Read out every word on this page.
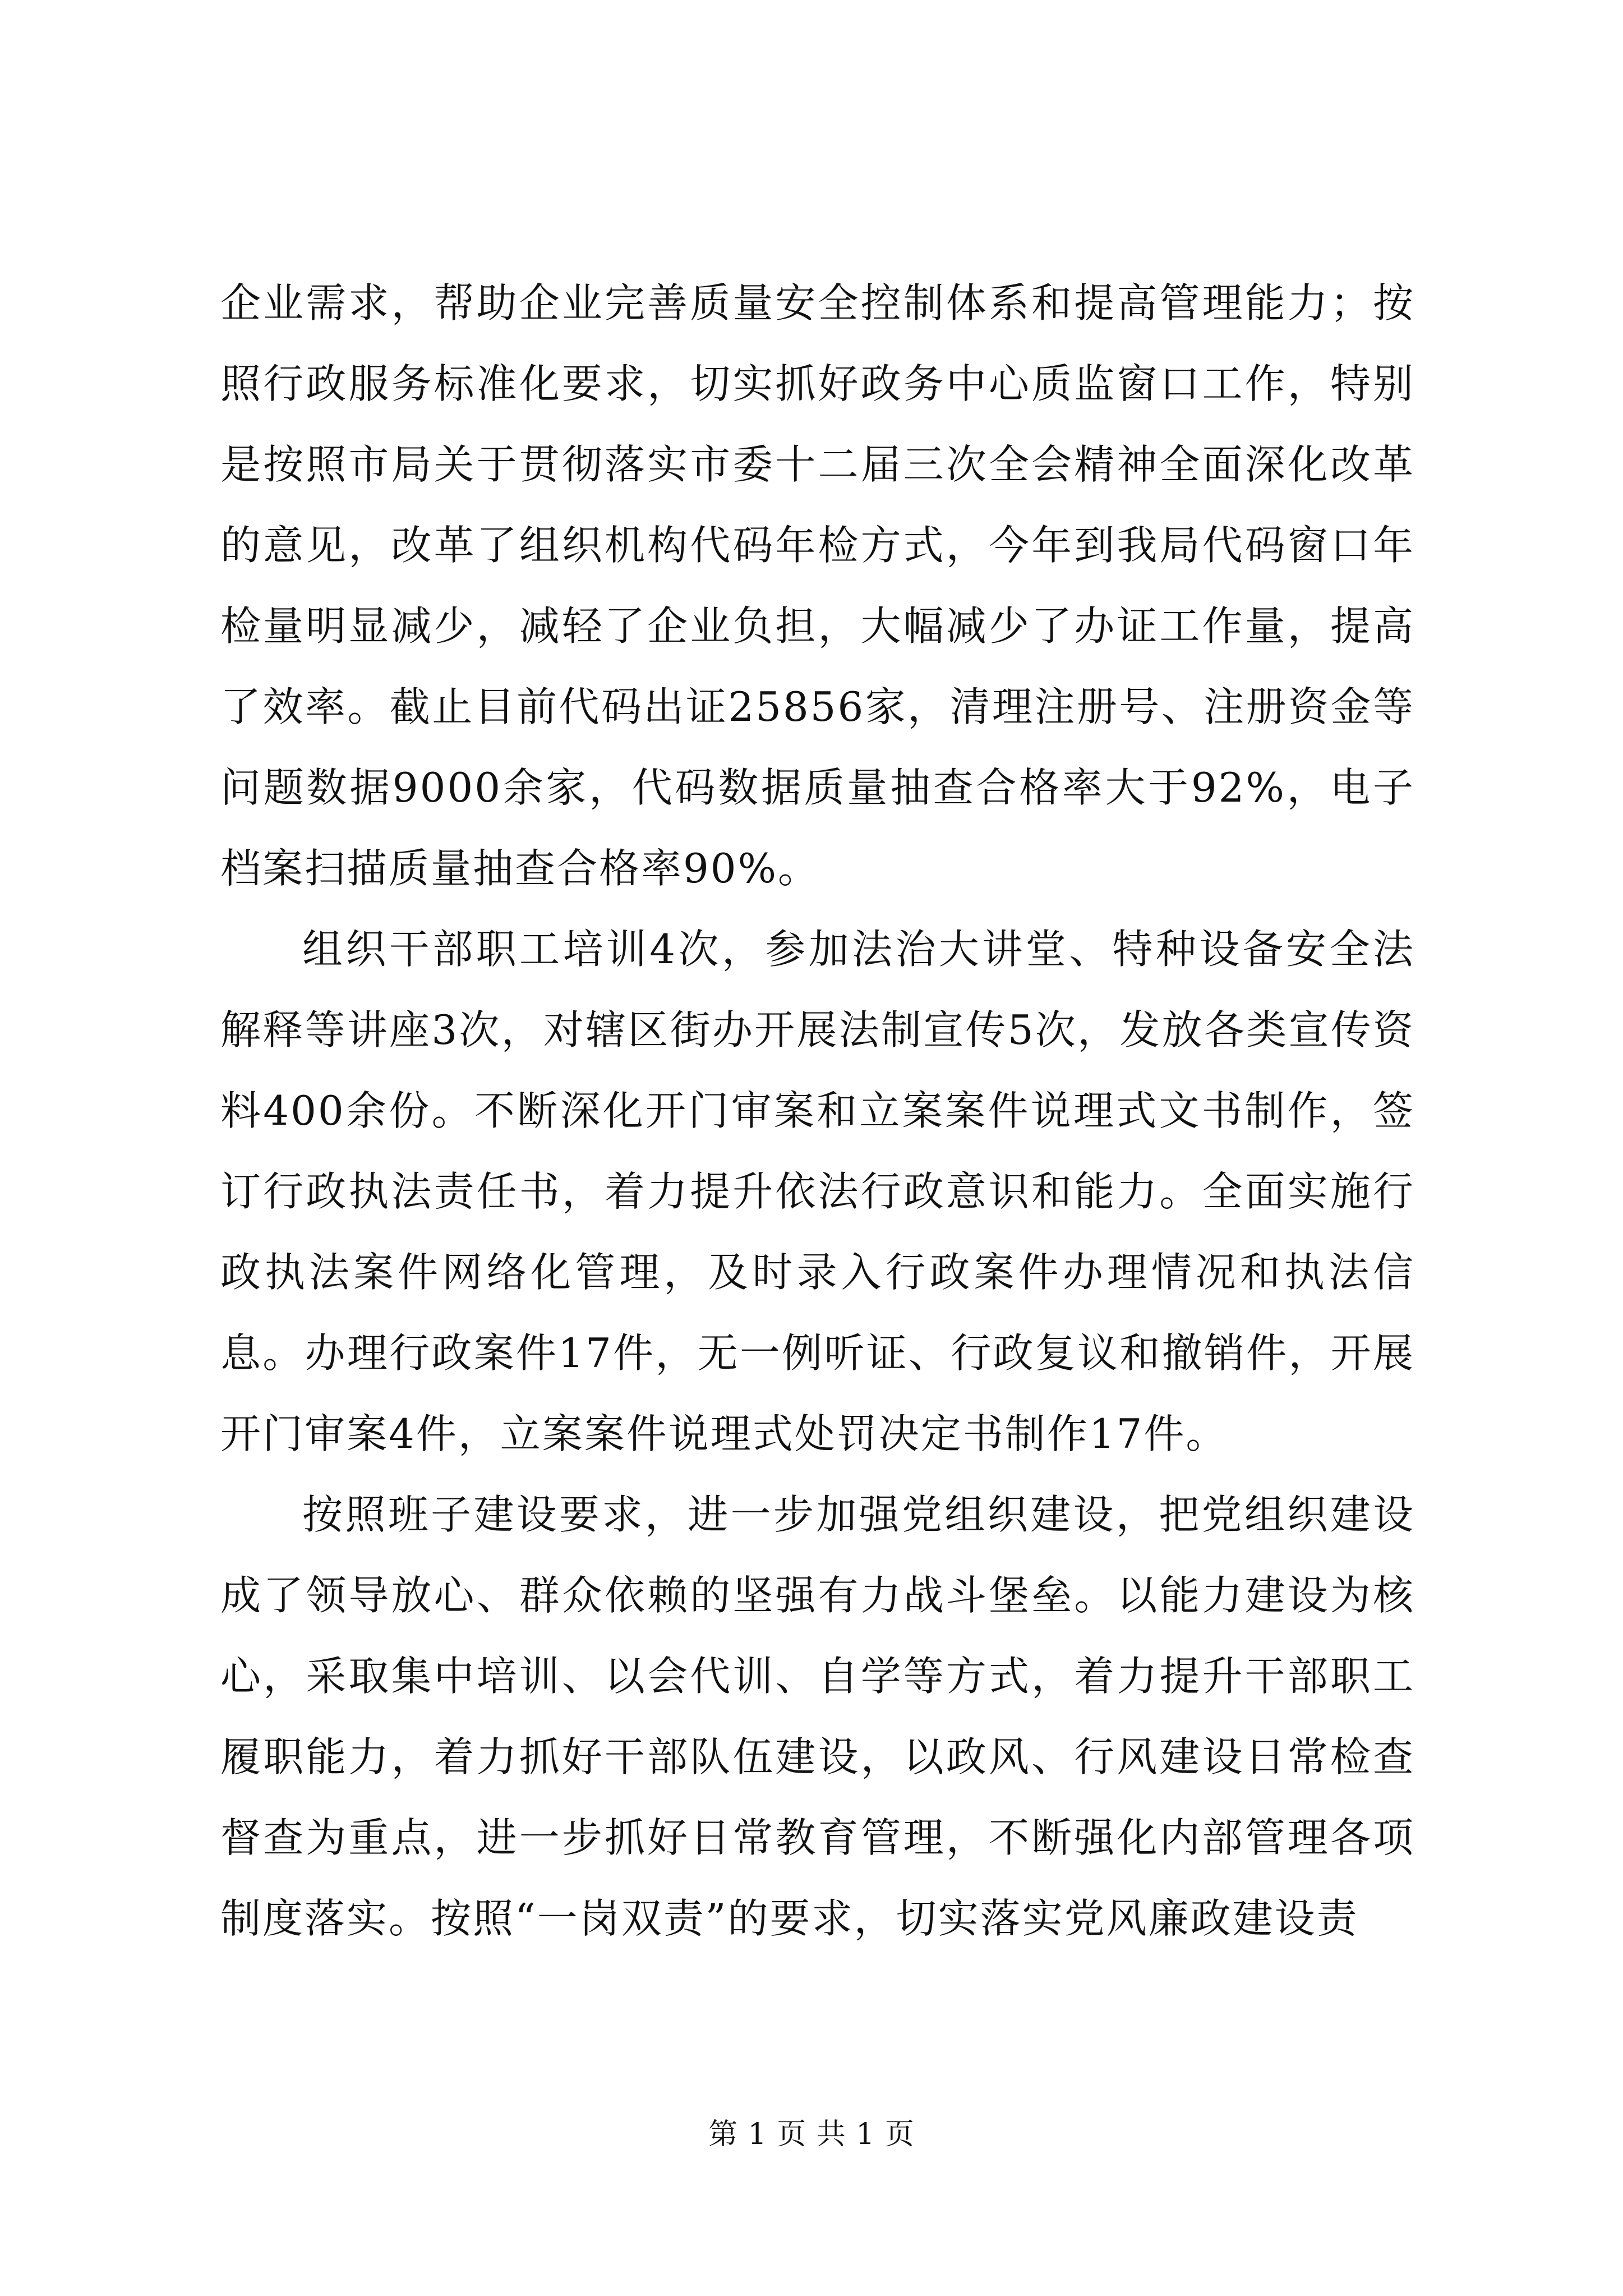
企业需求，帮助企业完善质量安全控制体系和提高管理能力；按照行政服务标准化要求，切实抓好政务中心质监窗口工作，特别是按照市局关于贯彻落实市委十二届三次全会精神全面深化改革的意见，改革了组织机构代码年检方式，今年到我局代码窗口年检量明显减少，减轻了企业负担，大幅减少了办证工作量，提高了效率。截止目前代码出证25856家，清理注册号、注册资金等问题数据9000余家，代码数据质量抽查合格率大于92%，电子档案扫描质量抽查合格率90%。

组织干部职工培训4次，参加法治大讲堂、特种设备安全法解释等讲座3次，对辖区街办开展法制宣传5次，发放各类宣传资料400余份。不断深化开门审案和立案案件说理式文书制作，签订行政执法责任书，着力提升依法行政意识和能力。全面实施行政执法案件网络化管理，及时录入行政案件办理情况和执法信息。办理行政案件17件，无一例听证、行政复议和撤销件，开展开门审案4件，立案案件说理式处罚决定书制作17件。

按照班子建设要求，进一步加强党组织建设，把党组织建设成了领导放心、群众依赖的坚强有力战斗堡垒。以能力建设为核心，采取集中培训、以会代训、自学等方式，着力提升干部职工履职能力，着力抓好干部队伍建设，以政风、行风建设日常检查督查为重点，进一步抓好日常教育管理，不断强化内部管理各项制度落实。按照“一岗双责”的要求，切实落实党风廉政建设责

第 1 页 共 1 页
